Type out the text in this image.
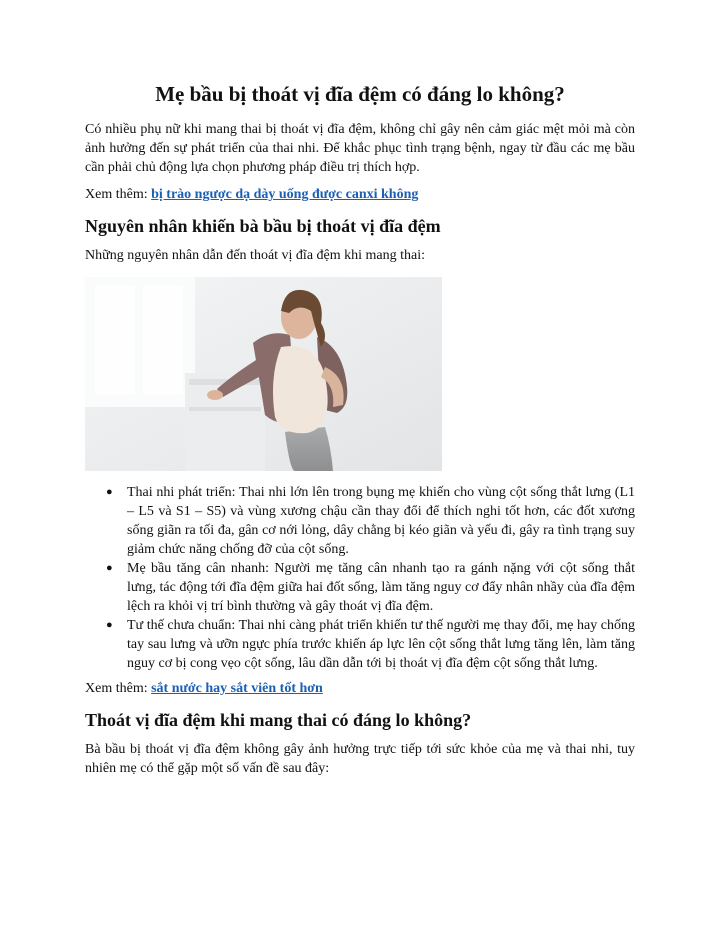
Mẹ bầu bị thoát vị đĩa đệm có đáng lo không?

Có nhiều phụ nữ khi mang thai bị thoát vị đĩa đệm, không chỉ gây nên cảm giác mệt mỏi mà còn ảnh hưởng đến sự phát triển của thai nhi. Để khắc phục tình trạng bệnh, ngay từ đầu các mẹ bầu cần phải chủ động lựa chọn phương pháp điều trị thích hợp.

Xem thêm: bị trào ngược dạ dày uống được canxi không

Nguyên nhân khiến bà bầu bị thoát vị đĩa đệm

Những nguyên nhân dẫn đến thoát vị đĩa đệm khi mang thai:

● Thai nhi phát triển: Thai nhi lớn lên trong bụng mẹ khiến cho vùng cột sống thắt lưng (L1 – L5 và S1 – S5) và vùng xương chậu cần thay đổi để thích nghi tốt hơn, các đốt xương sống giãn ra tối đa, gân cơ nới lỏng, dây chằng bị kéo giãn và yếu đi, gây ra tình trạng suy giảm chức năng chống đỡ của cột sống.
● Mẹ bầu tăng cân nhanh: Người mẹ tăng cân nhanh tạo ra gánh nặng với cột sống thắt lưng, tác động tới đĩa đệm giữa hai đốt sống, làm tăng nguy cơ đẩy nhân nhầy của đĩa đệm lệch ra khỏi vị trí bình thường và gây thoát vị đĩa đệm.
● Tư thế chưa chuẩn: Thai nhi càng phát triển khiến tư thế người mẹ thay đổi, mẹ hay chống tay sau lưng và ưỡn ngực phía trước khiến áp lực lên cột sống thắt lưng tăng lên, làm tăng nguy cơ bị cong vẹo cột sống, lâu dần dẫn tới bị thoát vị đĩa đệm cột sống thắt lưng.

Xem thêm: sắt nước hay sắt viên tốt hơn

Thoát vị đĩa đệm khi mang thai có đáng lo không?

Bà bầu bị thoát vị đĩa đệm không gây ảnh hưởng trực tiếp tới sức khỏe của mẹ và thai nhi, tuy nhiên mẹ có thể gặp một số vấn đề sau đây:
